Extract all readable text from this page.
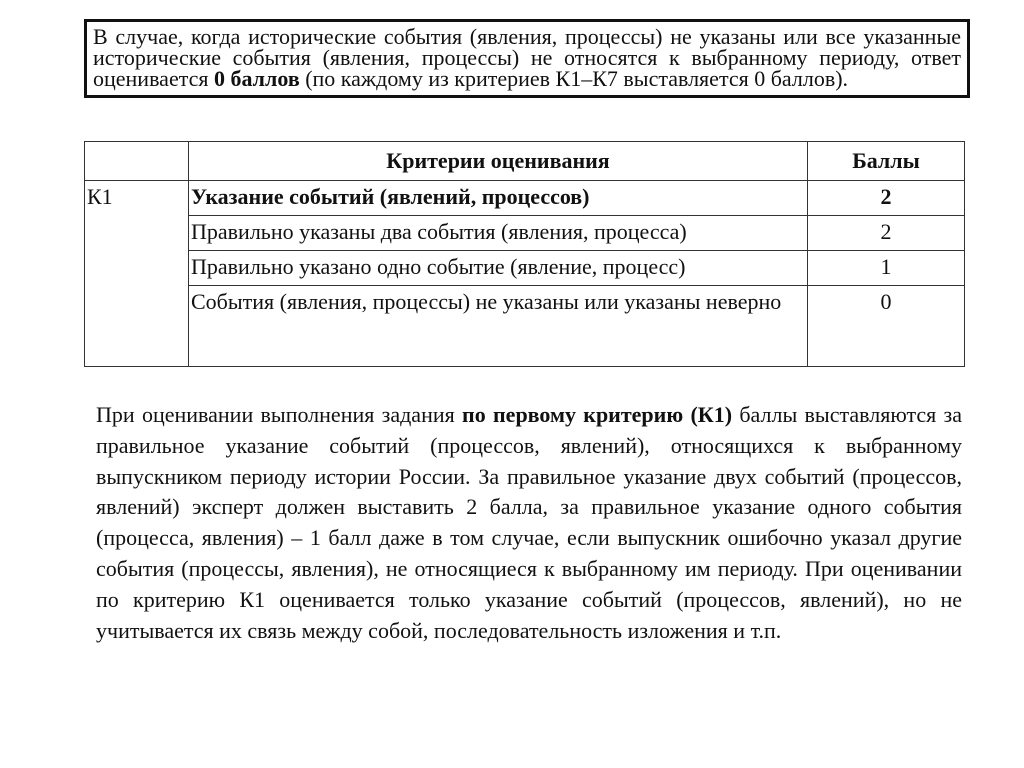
В случае, когда исторические события (явления, процессы) не указаны или все указанные исторические события (явления, процессы) не относятся к выбранному периоду, ответ оценивается 0 баллов (по каждому из критериев К1–К7 выставляется 0 баллов).
	Критерии оценивания	Баллы
К1	Указание событий (явлений, процессов)	2
	Правильно указаны два события (явления, процесса)	2
	Правильно указано одно событие (явление, процесс)	1
	События (явления, процессы) не указаны или указаны неверно	0
При оценивании выполнения задания по первому критерию (К1) баллы выставляются за правильное указание событий (процессов, явлений), относящихся к выбранному выпускником периоду истории России. За правильное указание двух событий (процессов, явлений) эксперт должен выставить 2 балла, за правильное указание одного события (процесса, явления) – 1 балл даже в том случае, если выпускник ошибочно указал другие события (процессы, явления), не относящиеся к выбранному им периоду. При оценивании по критерию К1 оценивается только указание событий (процессов, явлений), но не учитывается их связь между собой, последовательность изложения и т.п.
